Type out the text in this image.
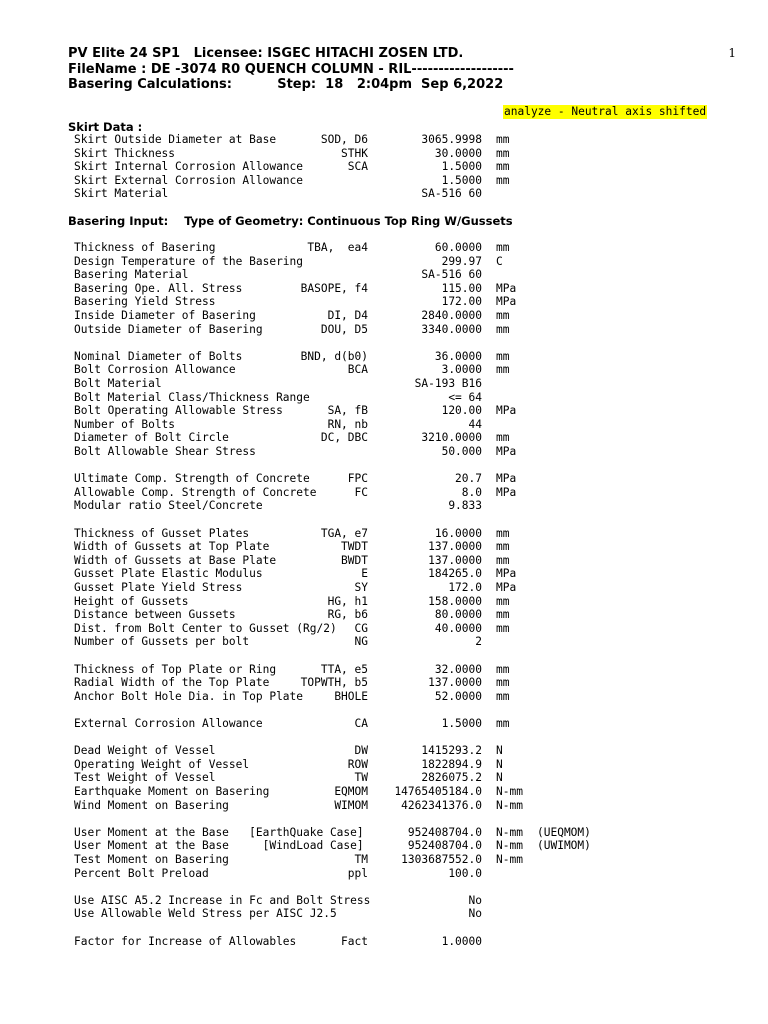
1
PV Elite 24 SP1   Licensee: ISGEC HITACHI ZOSEN LTD.
FileName : DE -3074 R0 QUENCH COLUMN - RIL-------------------
Basering Calculations:          Step:  18   2:04pm  Sep 6,2022
analyze - Neutral axis shifted
Skirt Data :
Skirt Outside Diameter at Base	SOD, D6	3065.9998 mm
Skirt Thickness	STHK	30.0000 mm
Skirt Internal Corrosion Allowance	SCA	1.5000 mm
Skirt External Corrosion Allowance	1.5000 mm
Skirt Material	SA-516 60
Basering Input:    Type of Geometry: Continuous Top Ring W/Gussets
Thickness of Basering	TBA,  ea4	60.0000 mm
Design Temperature of the Basering	299.97 C
Basering Material	SA-516 60
Basering Ope. All. Stress	BASOPE, f4	115.00 MPa
Basering Yield Stress	172.00 MPa
Inside Diameter of Basering	DI, D4	2840.0000 mm
Outside Diameter of Basering	DOU, D5	3340.0000 mm
Nominal Diameter of Bolts	BND, d(b0)	36.0000 mm
Bolt Corrosion Allowance	BCA	3.0000 mm
Bolt Material	SA-193 B16
Bolt Material Class/Thickness Range	<= 64
Bolt Operating Allowable Stress	SA, fB	120.00 MPa
Number of Bolts	RN, nb	44
Diameter of Bolt Circle	DC, DBC	3210.0000 mm
Bolt Allowable Shear Stress	50.000 MPa
Ultimate Comp. Strength of Concrete	FPC	20.7 MPa
Allowable Comp. Strength of Concrete	FC	8.0 MPa
Modular ratio Steel/Concrete	9.833
Thickness of Gusset Plates	TGA, e7	16.0000 mm
Width of Gussets at Top Plate	TWDT	137.0000 mm
Width of Gussets at Base Plate	BWDT	137.0000 mm
Gusset Plate Elastic Modulus	E	184265.0 MPa
Gusset Plate Yield Stress	SY	172.0 MPa
Height of Gussets	HG, h1	158.0000 mm
Distance between Gussets	RG, b6	80.0000 mm
Dist. from Bolt Center to Gusset (Rg/2) CG	40.0000 mm
Number of Gussets per bolt	NG	2
Thickness of Top Plate or Ring	TTA, e5	32.0000 mm
Radial Width of the Top Plate	TOPWTH, b5	137.0000 mm
Anchor Bolt Hole Dia. in Top Plate	BHOLE	52.0000 mm
External Corrosion Allowance	CA	1.5000 mm
Dead Weight of Vessel	DW	1415293.2 N
Operating Weight of Vessel	ROW	1822894.9 N
Test Weight of Vessel	TW	2826075.2 N
Earthquake Moment on Basering	EQMOM 14765405184.0 N-mm
Wind Moment on Basering	WIMOM	4262341376.0 N-mm
User Moment at the Base   [EarthQuake Case]	952408704.0 N-mm (UEQMOM)
User Moment at the Base     [WindLoad Case]	952408704.0 N-mm (UWIMOM)
Test Moment on Basering	TM	1303687552.0 N-mm
Percent Bolt Preload	ppl	100.0
Use AISC A5.2 Increase in Fc and Bolt Stress	No
Use Allowable Weld Stress per AISC J2.5	No
Factor for Increase of Allowables	Fact	1.0000
